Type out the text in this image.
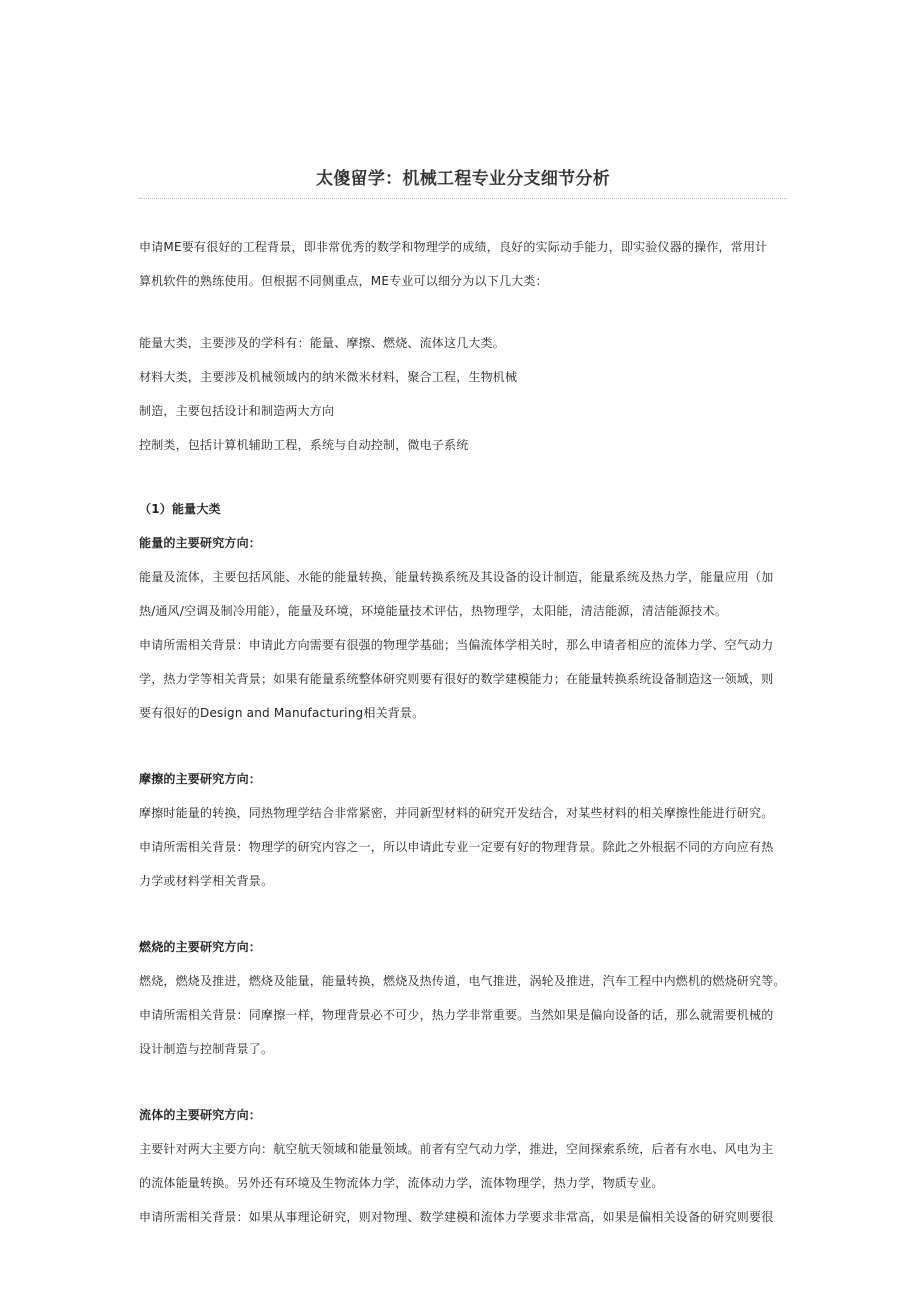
太傻留学：机械工程专业分支细节分析

申请ME要有很好的工程背景，即非常优秀的数学和物理学的成绩，良好的实际动手能力，即实验仪器的操作，常用计

算机软件的熟练使用。但根据不同侧重点，ME专业可以细分为以下几大类：

能量大类，主要涉及的学科有：能量、摩擦、燃烧、流体这几大类。

材料大类，主要涉及机械领域内的纳米微米材料，聚合工程，生物机械

制造，主要包括设计和制造两大方向

控制类，包括计算机辅助工程，系统与自动控制，微电子系统

（1）能量大类

能量的主要研究方向：

能量及流体，主要包括风能、水能的能量转换，能量转换系统及其设备的设计制造，能量系统及热力学，能量应用（加

热/通风/空调及制冷用能），能量及环境，环境能量技术评估，热物理学，太阳能，清洁能源，清洁能源技术。

申请所需相关背景：申请此方向需要有很强的物理学基础；当偏流体学相关时，那么申请者相应的流体力学、空气动力

学，热力学等相关背景；如果有能量系统整体研究则要有很好的数学建模能力；在能量转换系统设备制造这一领域，则

要有很好的Design and Manufacturing相关背景。

摩擦的主要研究方向：

摩擦时能量的转换，同热物理学结合非常紧密，并同新型材料的研究开发结合，对某些材料的相关摩擦性能进行研究。

申请所需相关背景：物理学的研究内容之一，所以申请此专业一定要有好的物理背景。除此之外根据不同的方向应有热

力学或材料学相关背景。

燃烧的主要研究方向：

燃烧，燃烧及推进，燃烧及能量，能量转换，燃烧及热传道，电气推进，涡轮及推进，汽车工程中内燃机的燃烧研究等。

申请所需相关背景：同摩擦一样，物理背景必不可少，热力学非常重要。当然如果是偏向设备的话，那么就需要机械的

设计制造与控制背景了。

流体的主要研究方向：

主要针对两大主要方向：航空航天领域和能量领域。前者有空气动力学，推进，空间探索系统，后者有水电、风电为主

的流体能量转换。另外还有环境及生物流体力学，流体动力学，流体物理学，热力学，物质专业。

申请所需相关背景：如果从事理论研究，则对物理、数学建模和流体力学要求非常高，如果是偏相关设备的研究则要很
